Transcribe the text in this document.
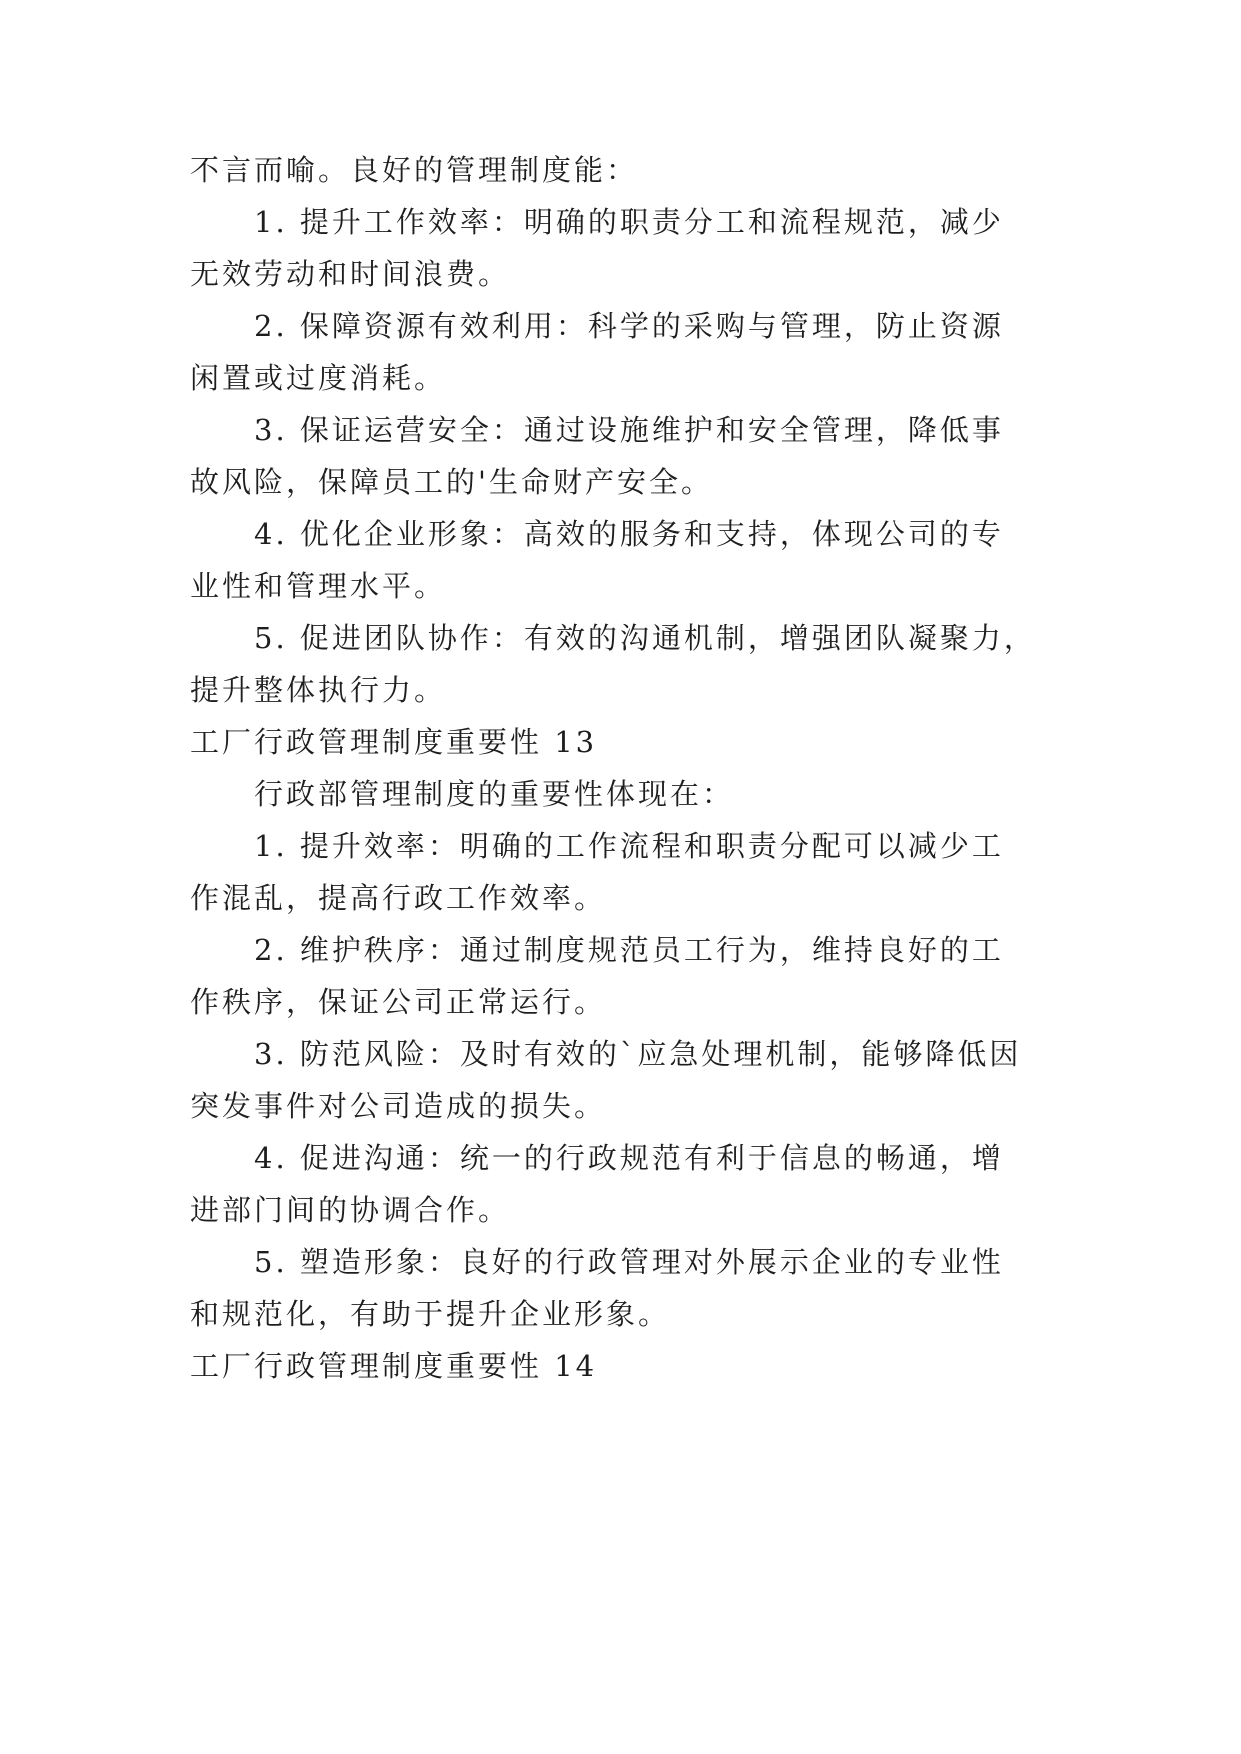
不言而喻。良好的管理制度能：
1. 提升工作效率：明确的职责分工和流程规范，减少
无效劳动和时间浪费。
2. 保障资源有效利用：科学的采购与管理，防止资源
闲置或过度消耗。
3. 保证运营安全：通过设施维护和安全管理，降低事
故风险，保障员工的'生命财产安全。
4. 优化企业形象：高效的服务和支持，体现公司的专
业性和管理水平。
5. 促进团队协作：有效的沟通机制，增强团队凝聚力，
提升整体执行力。
工厂行政管理制度重要性 13
行政部管理制度的重要性体现在：
1. 提升效率：明确的工作流程和职责分配可以减少工
作混乱，提高行政工作效率。
2. 维护秩序：通过制度规范员工行为，维持良好的工
作秩序，保证公司正常运行。
3. 防范风险：及时有效的`应急处理机制，能够降低因
突发事件对公司造成的损失。
4. 促进沟通：统一的行政规范有利于信息的畅通，增
进部门间的协调合作。
5. 塑造形象：良好的行政管理对外展示企业的专业性
和规范化，有助于提升企业形象。
工厂行政管理制度重要性 14
